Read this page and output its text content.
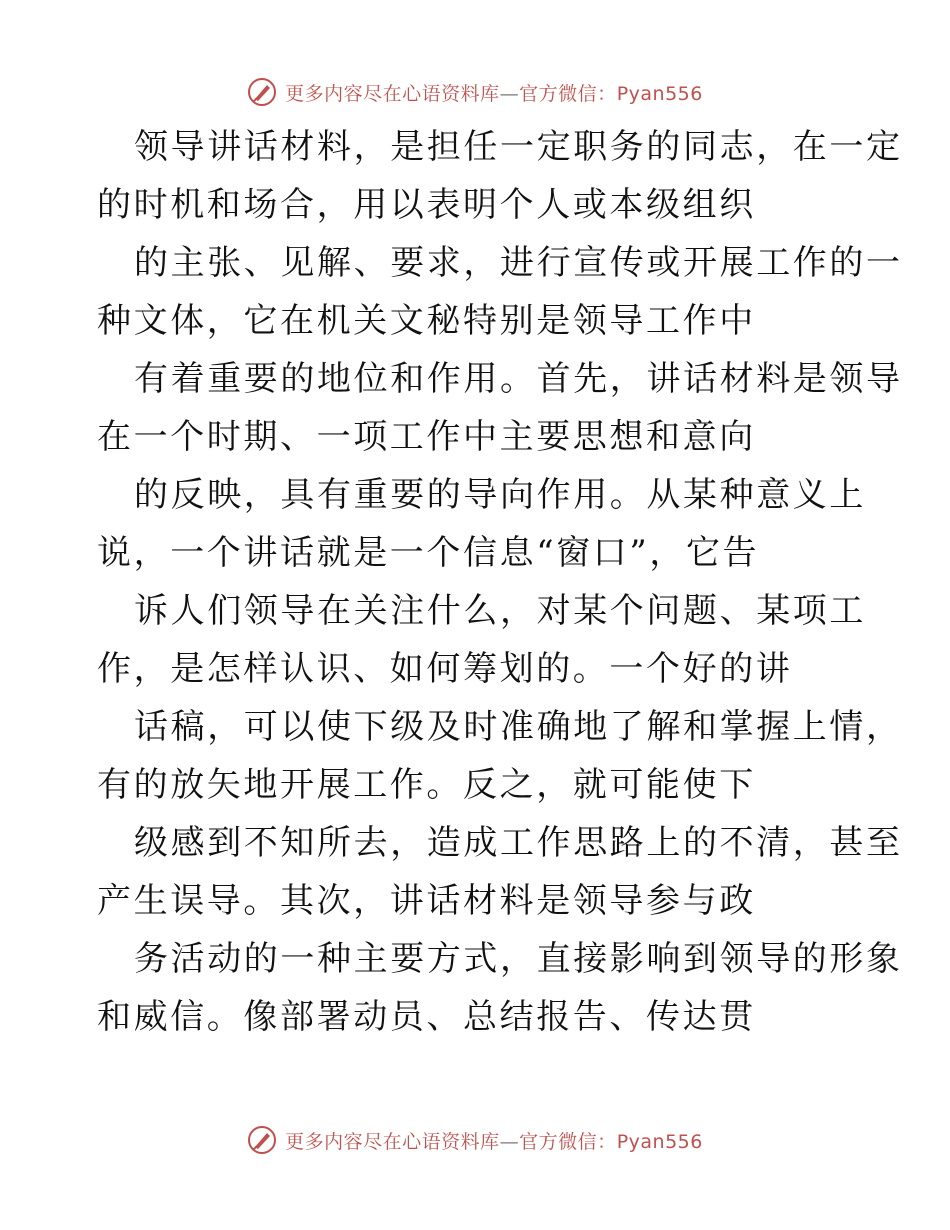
更多内容尽在心语资料库—官方微信：Pyan556
领导讲话材料，是担任一定职务的同志，在一定
的时机和场合，用以表明个人或本级组织
的主张、见解、要求，进行宣传或开展工作的一
种文体，它在机关文秘特别是领导工作中
有着重要的地位和作用。首先，讲话材料是领导
在一个时期、一项工作中主要思想和意向
的反映，具有重要的导向作用。从某种意义上
说，一个讲话就是一个信息“窗口”，它告
诉人们领导在关注什么，对某个问题、某项工
作，是怎样认识、如何筹划的。一个好的讲
话稿，可以使下级及时准确地了解和掌握上情，
有的放矢地开展工作。反之，就可能使下
级感到不知所去，造成工作思路上的不清，甚至
产生误导。其次，讲话材料是领导参与政
务活动的一种主要方式，直接影响到领导的形象
和威信。像部署动员、总结报告、传达贯
更多内容尽在心语资料库—官方微信：Pyan556
